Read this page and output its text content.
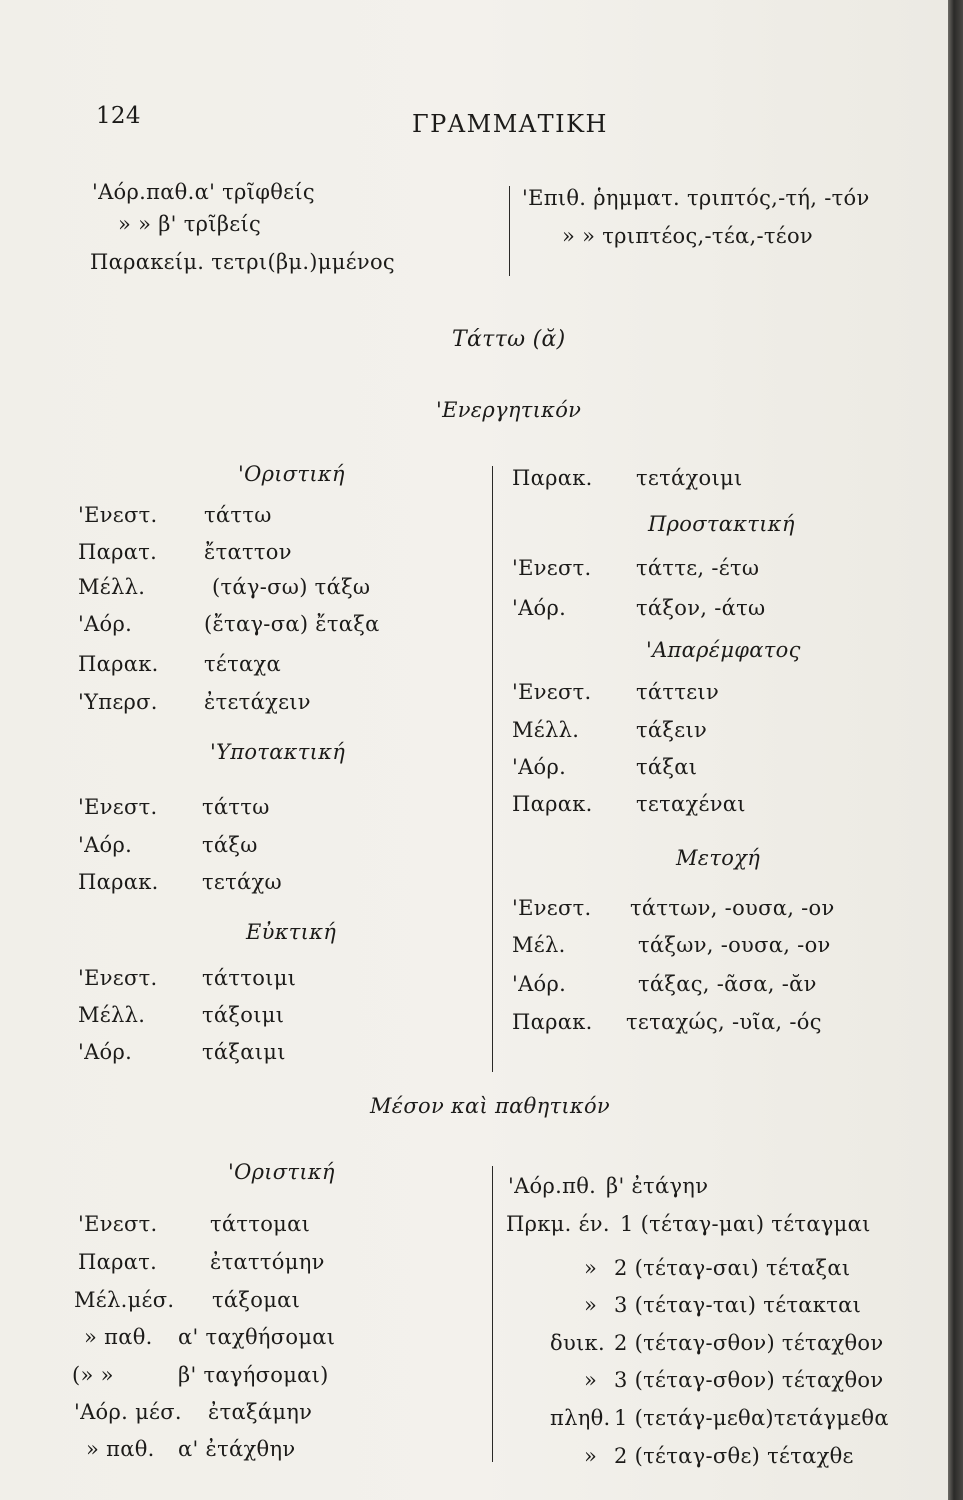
124	ΓΡΑΜΜΑΤΙΚΗ
'Αόρ.παθ.α' τρῖφθείς
» » β' τρῖβείς
Παρακείμ. τετρι(βμ.)μμένος
'Επιθ. ῥημματ. τριπτός,-τή, -τόν
» » τριπτέος,-τέα,-τέον
Τάττω (ᾰ)
'Ενεργητικόν
'Οριστική
'Ενεστ. τάττω
Παρατ. ἔταττον
Μέλλ.	(τάγ-σω) τάξω
'Αόρ.	(ἔταγ-σα) ἔταξα
Παρακ. τέταχα
'Υπερσ. ἐτετάχειν
'Υποτακτική
'Ενεστ. τάττω
'Αόρ.	τάξω
Παρακ. τετάχω
Εὐκτική
'Ενεστ. τάττοιμι
Μέλλ.	τάξοιμι
'Αόρ.	τάξαιμι
Παρακ. τετάχοιμι
Προστακτική
'Ενεστ. τάττε, -έτω
'Αόρ.	τάξον, -άτω
'Απαρέμφατος
'Ενεστ. τάττειν
Μέλλ.	τάξειν
'Αόρ.	τάξαι
Παρακ. τεταχέναι
Μετοχή
'Ενεστ. τάττων, -ουσα, -ον
Μέλ.	τάξων, -ουσα, -ον
'Αόρ.	τάξας, -ᾶσα, -ᾰν
Παρακ. τεταχώς, -υῖα, -ός
Μέσον καὶ παθητικόν
'Οριστική
'Ενεστ.	τάττομαι
Παρατ.	ἐταττόμην
Μέλ.μέσ. τάξομαι
» παθ. α' ταχθήσομαι
(» »	β' ταγήσομαι)
'Αόρ. μέσ. ἐταξάμην
» παθ. α' ἐτάχθην
'Αόρ.πθ. β' ἐτάγην
Πρκμ. έν. 1 (τέταγ-μαι) τέταγμαι
» 2 (τέταγ-σαι) τέταξαι
» 3 (τέταγ-ται) τέτακται
δυικ. 2 (τέταγ-σθον) τέταχθον
» 3 (τέταγ-σθον) τέταχθον
πληθ. 1 (τετάγ-μεθα)τετάγμεθα
» 2 (τέταγ-σθε) τέταχθε
